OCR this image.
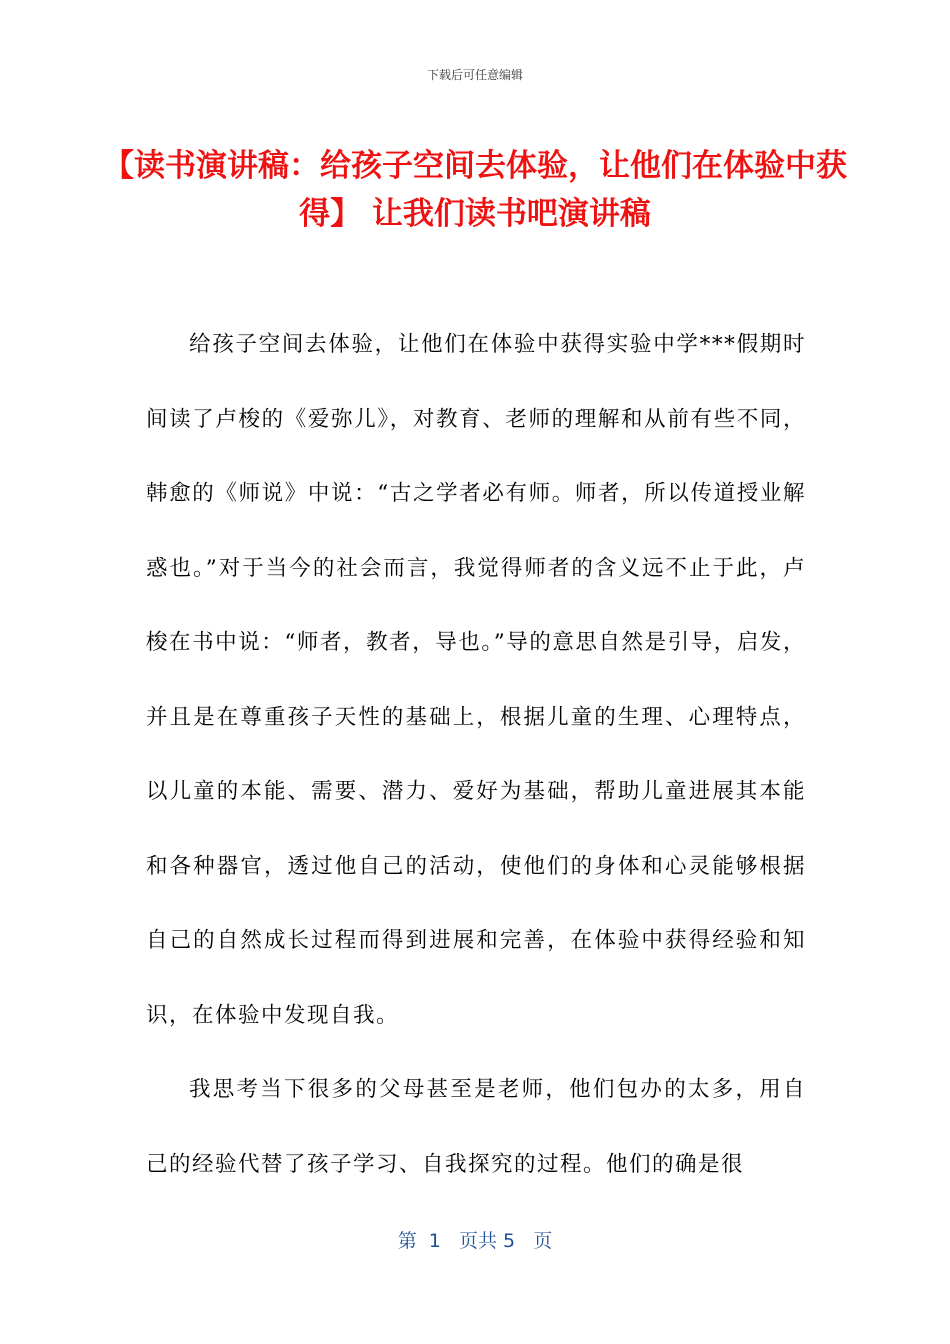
下载后可任意编辑
【读书演讲稿：给孩子空间去体验，让他们在体验中获得】 让我们读书吧演讲稿

给孩子空间去体验，让他们在体验中获得实验中学***假期时间读了卢梭的《爱弥儿》，对教育、老师的理解和从前有些不同，韩愈的《师说》中说：“古之学者必有师。师者，所以传道授业解惑也。”对于当今的社会而言，我觉得师者的含义远不止于此，卢梭在书中说：“师者，教者，导也。”导的意思自然是引导，启发，并且是在尊重孩子天性的基础上，根据儿童的生理、心理特点，以儿童的本能、需要、潜力、爱好为基础，帮助儿童进展其本能和各种器官，透过他自己的活动，使他们的身体和心灵能够根据自己的自然成长过程而得到进展和完善，在体验中获得经验和知识，在体验中发现自我。

我思考当下很多的父母甚至是老师，他们包办的太多，用自己的经验代替了孩子学习、自我探究的过程。他们的确是很

第  1   页共 5   页
